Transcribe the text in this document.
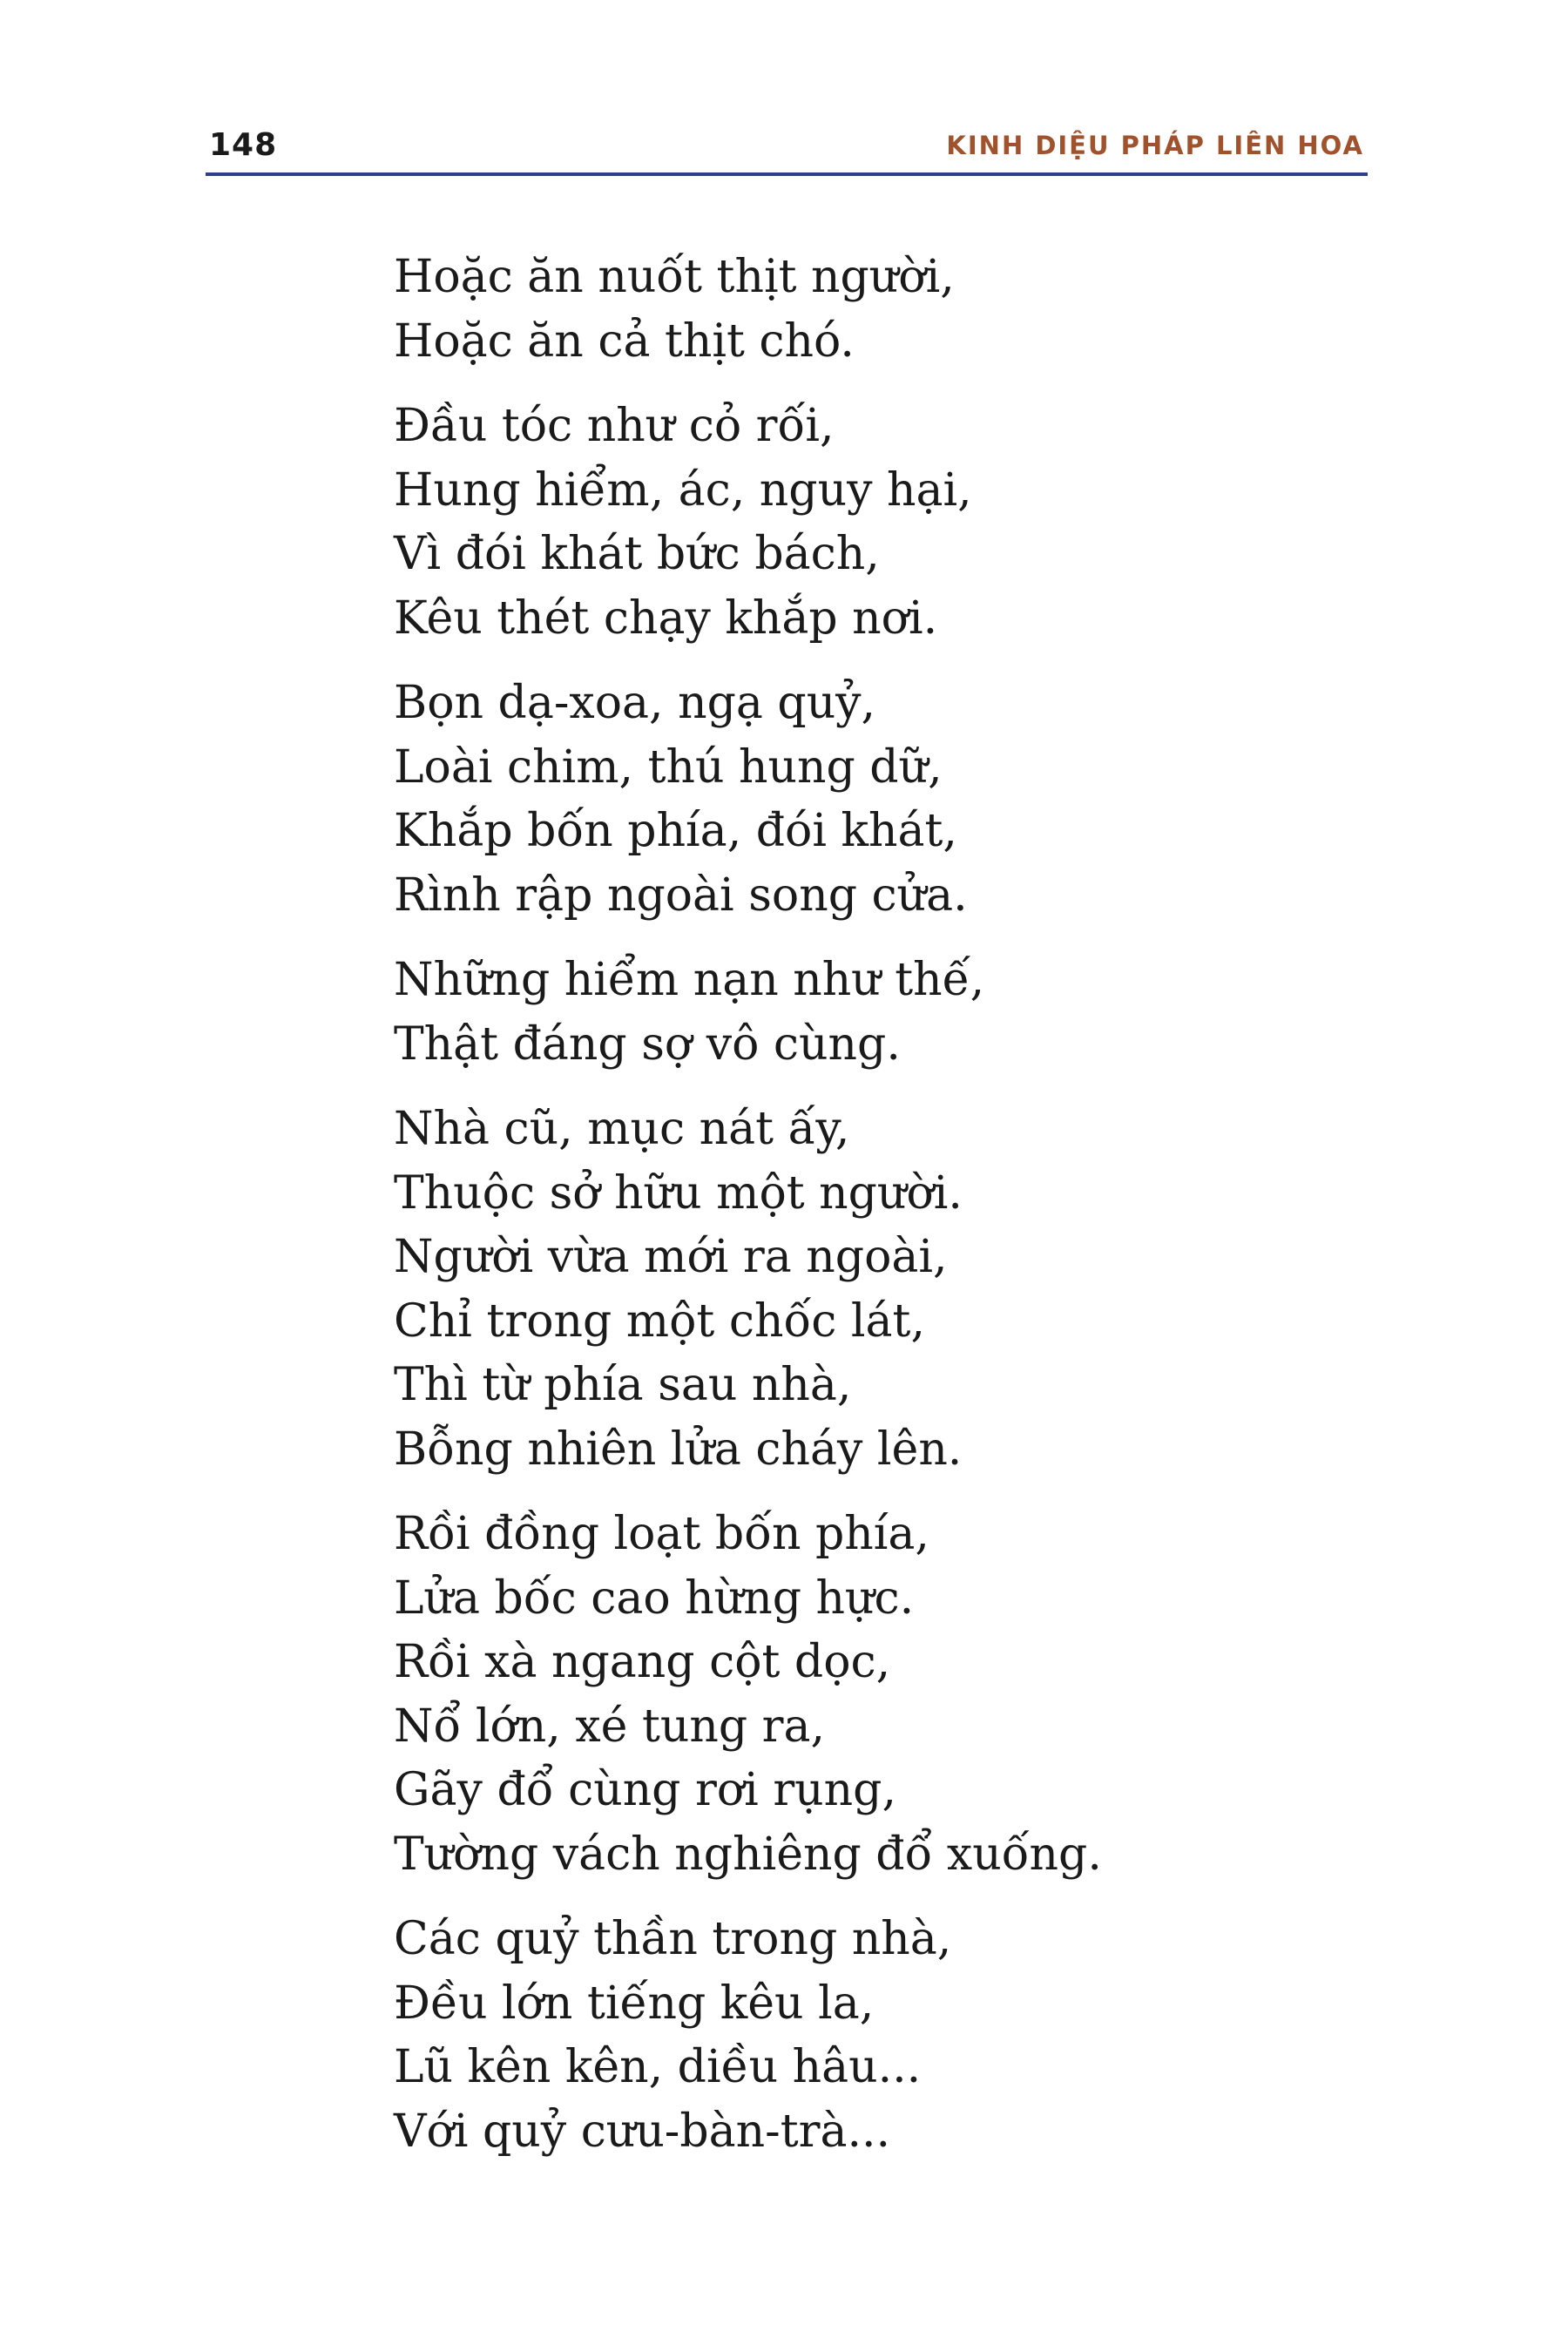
148	KINH DIỆU PHÁP LIÊN HOA
Hoặc ăn nuốt thịt người,
Hoặc ăn cả thịt chó.
Đầu tóc như cỏ rối,
Hung hiểm, ác, nguy hại,
Vì đói khát bức bách,
Kêu thét chạy khắp nơi.
Bọn dạ-xoa, ngạ quỷ,
Loài chim, thú hung dữ,
Khắp bốn phía, đói khát,
Rình rập ngoài song cửa.
Những hiểm nạn như thế,
Thật đáng sợ vô cùng.
Nhà cũ, mục nát ấy,
Thuộc sở hữu một người.
Người vừa mới ra ngoài,
Chỉ trong một chốc lát,
Thì từ phía sau nhà,
Bỗng nhiên lửa cháy lên.
Rồi đồng loạt bốn phía,
Lửa bốc cao hừng hực.
Rồi xà ngang cột dọc,
Nổ lớn, xé tung ra,
Gãy đổ cùng rơi rụng,
Tường vách nghiêng đổ xuống.
Các quỷ thần trong nhà,
Đều lớn tiếng kêu la,
Lũ kên kên, diều hâu...
Với quỷ cưu-bàn-trà...
